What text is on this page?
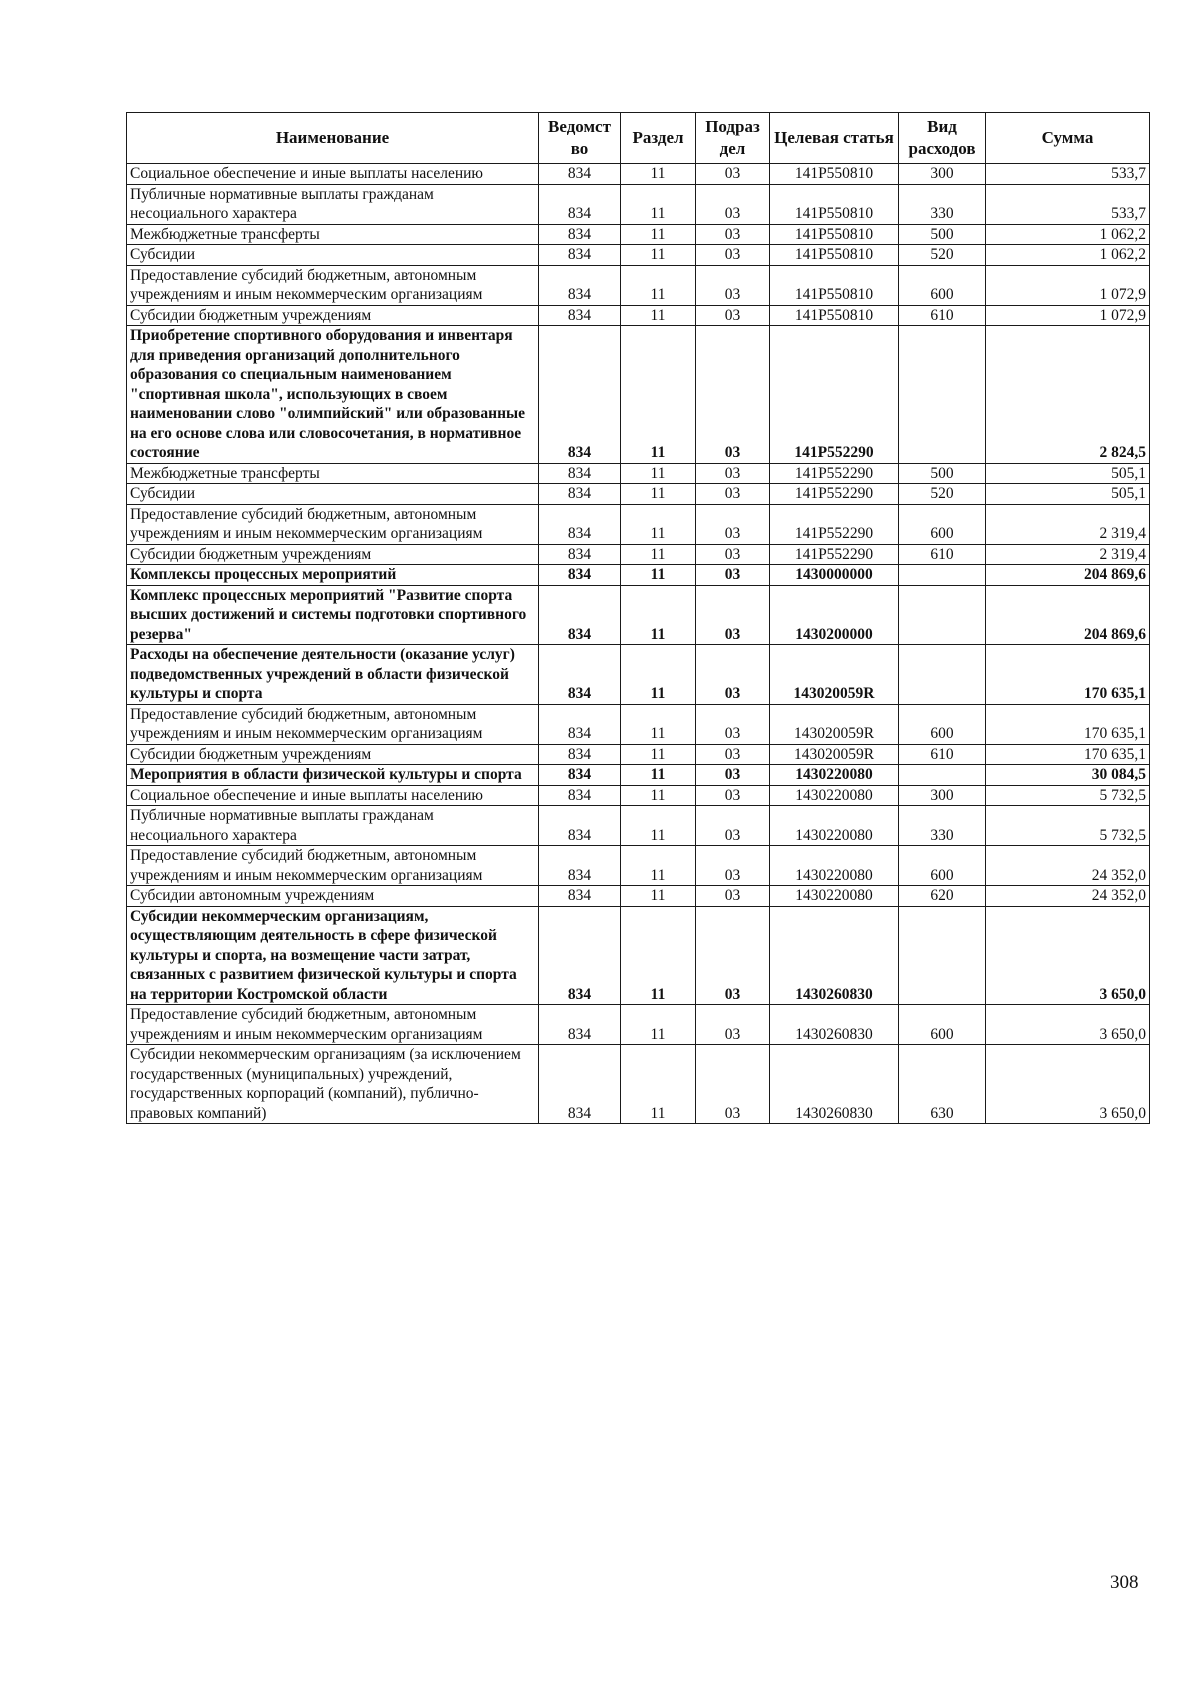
Наименование	Ведомст во	Раздел	Подраз дел	Целевая статья	Вид расходов	Сумма
Социальное обеспечение и иные выплаты населению	834	11	03	141P550810	300	533,7
Публичные нормативные выплаты гражданам несоциального характера	834	11	03	141P550810	330	533,7
Межбюджетные трансферты	834	11	03	141P550810	500	1 062,2
Субсидии	834	11	03	141P550810	520	1 062,2
Предоставление субсидий бюджетным, автономным учреждениям и иным некоммерческим организациям	834	11	03	141P550810	600	1 072,9
Субсидии бюджетным учреждениям	834	11	03	141P550810	610	1 072,9
Приобретение спортивного оборудования и инвентаря для приведения организаций дополнительного образования со специальным наименованием "спортивная школа", использующих в своем наименовании слово "олимпийский" или образованные на его основе слова или словосочетания, в нормативное состояние	834	11	03	141P552290		2 824,5
Межбюджетные трансферты	834	11	03	141P552290	500	505,1
Субсидии	834	11	03	141P552290	520	505,1
Предоставление субсидий бюджетным, автономным учреждениям и иным некоммерческим организациям	834	11	03	141P552290	600	2 319,4
Субсидии бюджетным учреждениям	834	11	03	141P552290	610	2 319,4
Комплексы процессных мероприятий	834	11	03	1430000000		204 869,6
Комплекс процессных мероприятий "Развитие спорта высших достижений и системы подготовки спортивного резерва"	834	11	03	1430200000		204 869,6
Расходы на обеспечение деятельности (оказание услуг) подведомственных учреждений в области физической культуры и спорта	834	11	03	143020059R		170 635,1
Предоставление субсидий бюджетным, автономным учреждениям и иным некоммерческим организациям	834	11	03	143020059R	600	170 635,1
Субсидии бюджетным учреждениям	834	11	03	143020059R	610	170 635,1
Мероприятия в области физической культуры и спорта	834	11	03	1430220080		30 084,5
Социальное обеспечение и иные выплаты населению	834	11	03	1430220080	300	5 732,5
Публичные нормативные выплаты гражданам несоциального характера	834	11	03	1430220080	330	5 732,5
Предоставление субсидий бюджетным, автономным учреждениям и иным некоммерческим организациям	834	11	03	1430220080	600	24 352,0
Субсидии автономным учреждениям	834	11	03	1430220080	620	24 352,0
Субсидии некоммерческим организациям, осуществляющим деятельность в сфере физической культуры и спорта, на возмещение части затрат, связанных с развитием физической культуры и спорта на территории Костромской области	834	11	03	1430260830		3 650,0
Предоставление субсидий бюджетным, автономным учреждениям и иным некоммерческим организациям	834	11	03	1430260830	600	3 650,0
Субсидии некоммерческим организациям (за исключением государственных (муниципальных) учреждений, государственных корпораций (компаний), публично-правовых компаний)	834	11	03	1430260830	630	3 650,0
308
